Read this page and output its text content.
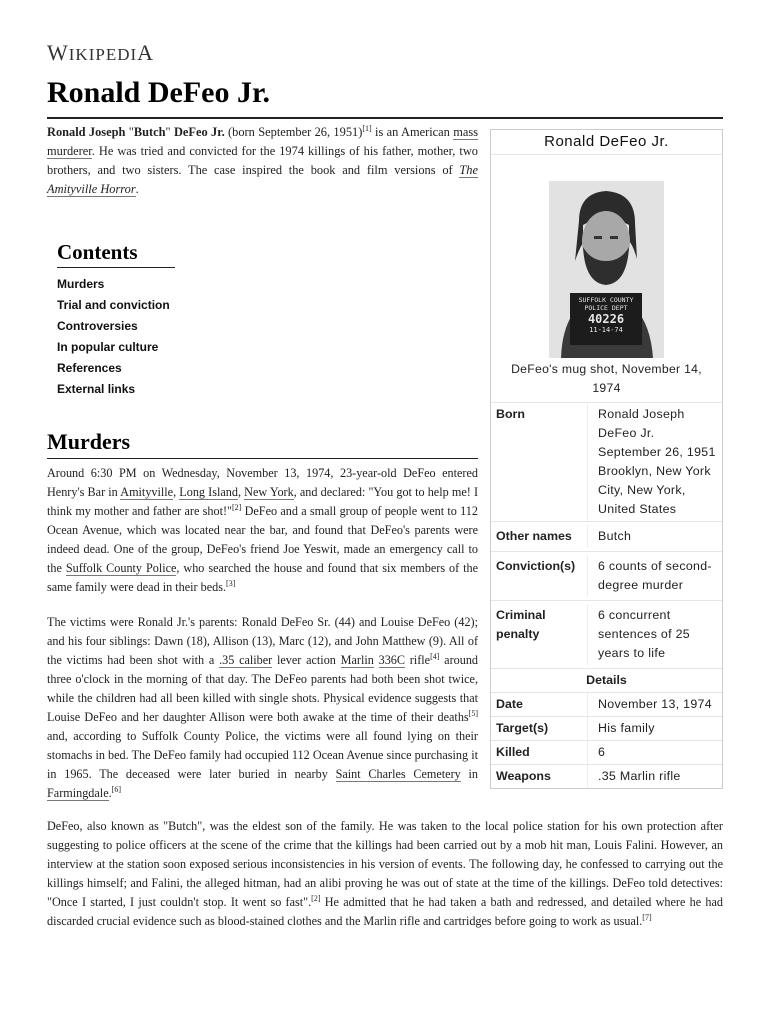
WIKIPEDIA
Ronald DeFeo Jr.
Ronald Joseph "Butch" DeFeo Jr. (born September 26, 1951)[1] is an American mass murderer. He was tried and convicted for the 1974 killings of his father, mother, two brothers, and two sisters. The case inspired the book and film versions of The Amityville Horror.
Contents
Murders
Trial and conviction
Controversies
In popular culture
References
External links
Murders
Around 6:30 PM on Wednesday, November 13, 1974, 23-year-old DeFeo entered Henry's Bar in Amityville, Long Island, New York, and declared: "You got to help me! I think my mother and father are shot!"[2] DeFeo and a small group of people went to 112 Ocean Avenue, which was located near the bar, and found that DeFeo's parents were indeed dead. One of the group, DeFeo's friend Joe Yeswit, made an emergency call to the Suffolk County Police, who searched the house and found that six members of the same family were dead in their beds.[3]
The victims were Ronald Jr.'s parents: Ronald DeFeo Sr. (44) and Louise DeFeo (42); and his four siblings: Dawn (18), Allison (13), Marc (12), and John Matthew (9). All of the victims had been shot with a .35 caliber lever action Marlin 336C rifle[4] around three o'clock in the morning of that day. The DeFeo parents had both been shot twice, while the children had all been killed with single shots. Physical evidence suggests that Louise DeFeo and her daughter Allison were both awake at the time of their deaths[5] and, according to Suffolk County Police, the victims were all found lying on their stomachs in bed. The DeFeo family had occupied 112 Ocean Avenue since purchasing it in 1965. The deceased were later buried in nearby Saint Charles Cemetery in Farmingdale.[6]
DeFeo, also known as "Butch", was the eldest son of the family. He was taken to the local police station for his own protection after suggesting to police officers at the scene of the crime that the killings had been carried out by a mob hit man, Louis Falini. However, an interview at the station soon exposed serious inconsistencies in his version of events. The following day, he confessed to carrying out the killings himself; and Falini, the alleged hitman, had an alibi proving he was out of state at the time of the killings. DeFeo told detectives: "Once I started, I just couldn't stop. It went so fast".[2] He admitted that he had taken a bath and redressed, and detailed where he had discarded crucial evidence such as blood-stained clothes and the Marlin rifle and cartridges before going to work as usual.[7]
Ronald DeFeo Jr.
SUFFOLK COUNTY
POLICE DEPT
40226
11-14-74
DeFeo's mug shot, November 14, 1974
Born	Ronald Joseph
DeFeo Jr.
September 26, 1951
Brooklyn, New York
City, New York,
United States
Other names	Butch
Conviction(s)	6 counts of second-degree murder
Criminal penalty
6 concurrent sentences of 25 years to life
Details
Date	November 13, 1974
Target(s)	His family
Killed	6
Weapons	.35 Marlin rifle
